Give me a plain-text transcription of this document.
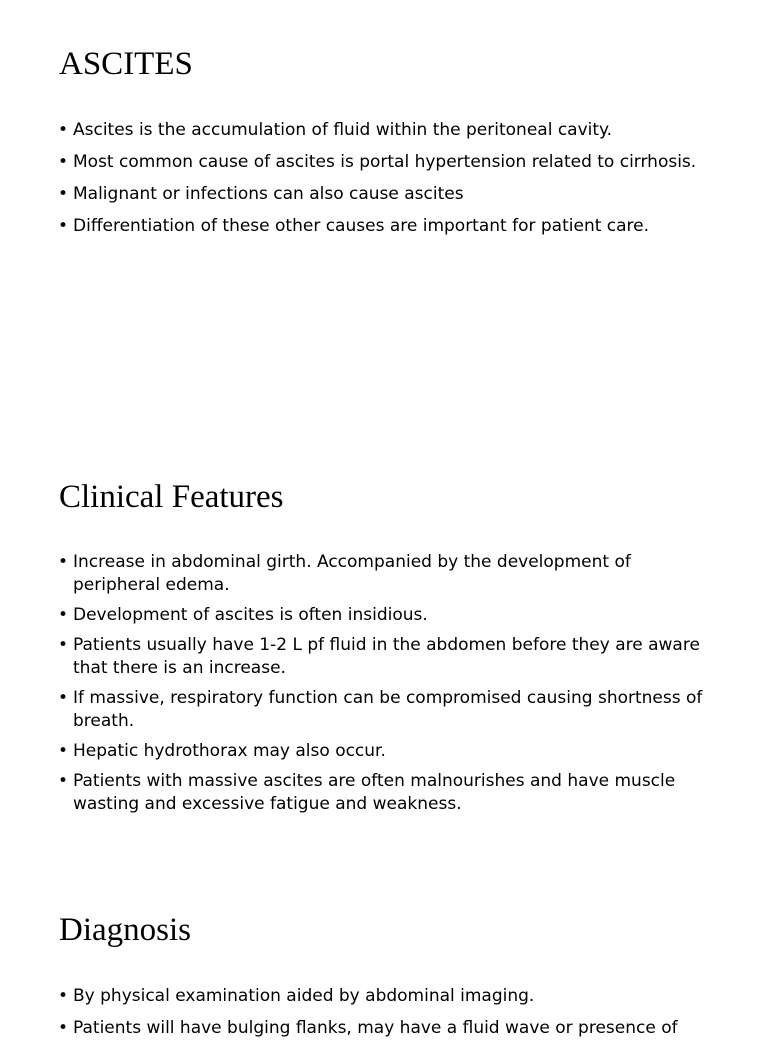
ASCITES
• Ascites is the accumulation of fluid within the peritoneal cavity.
• Most common cause of ascites is portal hypertension related to cirrhosis.
• Malignant or infections can also cause ascites
• Differentiation of these other causes are important for patient care.
Clinical Features
• Increase in abdominal girth. Accompanied by the development of peripheral edema.
• Development of ascites is often insidious.
• Patients usually have 1-2 L pf fluid in the abdomen before they are aware that there is an increase.
• If massive, respiratory function can be compromised causing shortness of breath.
• Hepatic hydrothorax may also occur.
• Patients with massive ascites are often malnourishes and have muscle wasting and excessive fatigue and weakness.
Diagnosis
• By physical examination aided by abdominal imaging.
• Patients will have bulging flanks, may have a fluid wave or presence of
